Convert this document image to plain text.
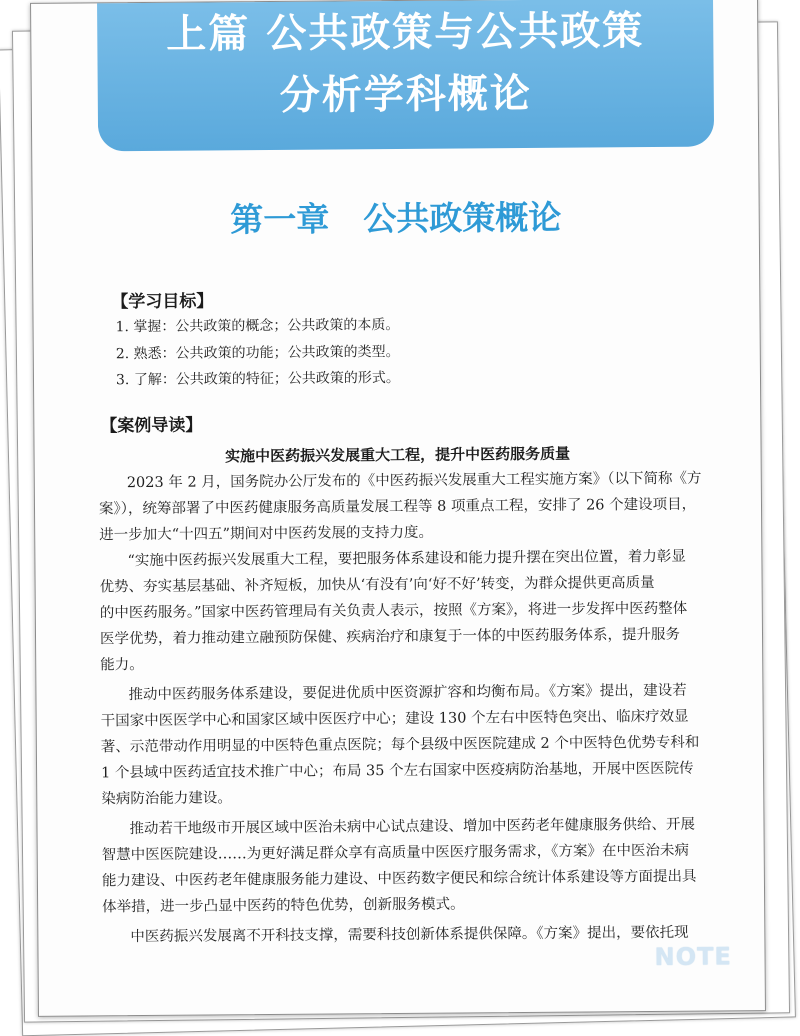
上篇 公共政策与公共政策
分析学科概论
第一章 公共政策概论
【学习目标】
1. 掌握：公共政策的概念；公共政策的本质。
2. 熟悉：公共政策的功能；公共政策的类型。
3. 了解：公共政策的特征；公共政策的形式。
【案例导读】
实施中医药振兴发展重大工程，提升中医药服务质量
2023 年 2 月，国务院办公厅发布的《中医药振兴发展重大工程实施方案》（以下简称《方
案》），统筹部署了中医药健康服务高质量发展工程等 8 项重点工程，安排了 26 个建设项目，
进一步加大“十四五”期间对中医药发展的支持力度。
“实施中医药振兴发展重大工程，要把服务体系建设和能力提升摆在突出位置，着力彰显
优势、夯实基层基础、补齐短板，加快从‘有没有’向‘好不好’转变，为群众提供更高质量
的中医药服务。”国家中医药管理局有关负责人表示，按照《方案》，将进一步发挥中医药整体
医学优势，着力推动建立融预防保健、疾病治疗和康复于一体的中医药服务体系，提升服务
能力。
推动中医药服务体系建设，要促进优质中医资源扩容和均衡布局。《方案》提出，建设若
干国家中医医学中心和国家区域中医医疗中心；建设 130 个左右中医特色突出、临床疗效显
著、示范带动作用明显的中医特色重点医院；每个县级中医医院建成 2 个中医特色优势专科和
1 个县域中医药适宜技术推广中心；布局 35 个左右国家中医疫病防治基地，开展中医医院传
染病防治能力建设。
推动若干地级市开展区域中医治未病中心试点建设、增加中医药老年健康服务供给、开展
智慧中医医院建设……为更好满足群众享有高质量中医医疗服务需求，《方案》在中医治未病
能力建设、中医药老年健康服务能力建设、中医药数字便民和综合统计体系建设等方面提出具
体举措，进一步凸显中医药的特色优势，创新服务模式。
中医药振兴发展离不开科技支撑，需要科技创新体系提供保障。《方案》提出，要依托现
NOTE
